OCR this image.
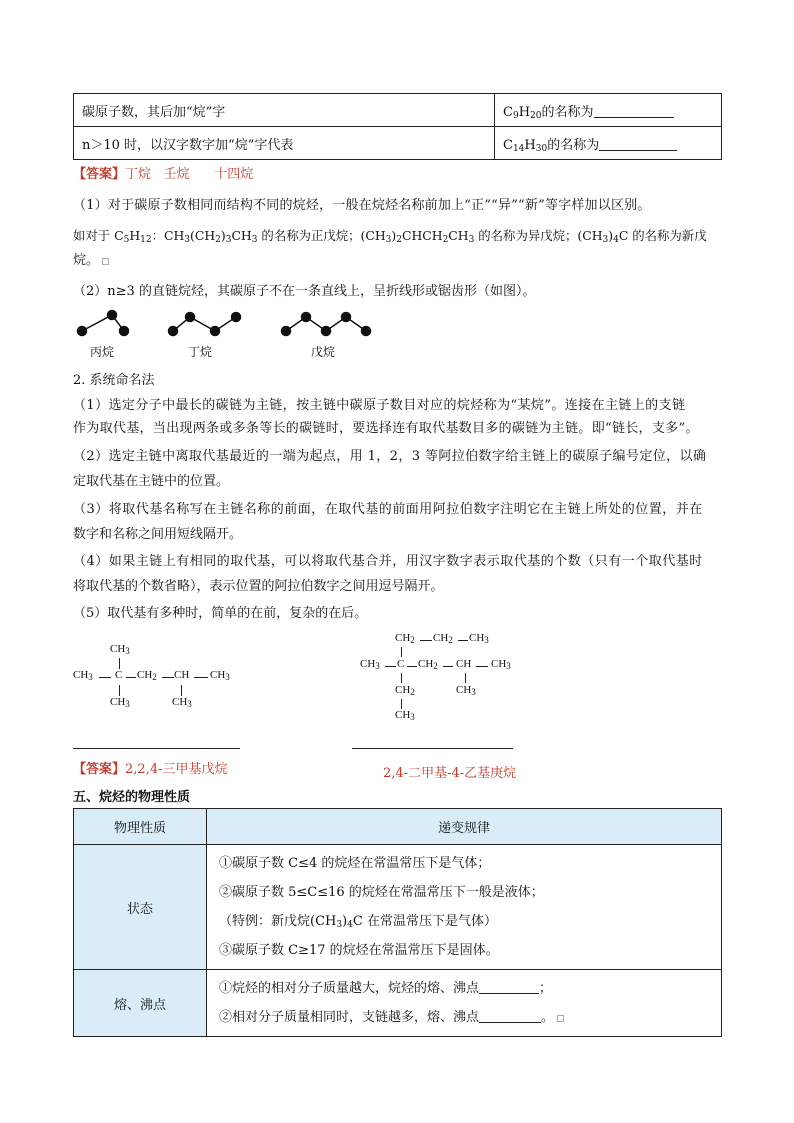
碳原子数，其后加“烷”字	$C_9H_{20}$的名称为
n＞10 时，以汉字数字加“烷”字代表	$C_{14}H_{30}$的名称为
【答案】丁烷 壬烷 十四烷
（1）对于碳原子数相同而结构不同的烷烃，一般在烷烃名称前加上“正”“异”“新”等字样加以区别。
如对于 $C_5H_{12}$：$CH_3(CH_2)_3CH_3$ 的名称为正戊烷；$(CH_3)_2CHCH_2CH_3$ 的名称为异戊烷；$(CH_3)_4C$ 的名称为新戊
烷。
（2）n≥3 的直链烷烃，其碳原子不在一条直线上，呈折线形或锯齿形（如图）。
丙烷	丁烷	戊烷
2. 系统命名法
（1）选定分子中最长的碳链为主链，按主链中碳原子数目对应的烷烃称为“某烷”。连接在主链上的支链
作为取代基，当出现两条或多条等长的碳链时，要选择连有取代基数目多的碳链为主链。即“链长，支多”。
（2）选定主链中离取代基最近的一端为起点，用 1，2，3 等阿拉伯数字给主链上的碳原子编号定位，以确
定取代基在主链中的位置。
（3）将取代基名称写在主链名称的前面，在取代基的前面用阿拉伯数字注明它在主链上所处的位置，并在
数字和名称之间用短线隔开。
（4）如果主链上有相同的取代基，可以将取代基合并，用汉字数字表示取代基的个数（只有一个取代基时
将取代基的个数省略），表示位置的阿拉伯数字之间用逗号隔开。
（5）取代基有多种时，简单的在前，复杂的在后。
$CH_3$
$CH_3$ C $CH_2$ CH $CH_3$
$CH_3$	$CH_3$
$CH_2$ $CH_2$ $CH_3$
$CH_3$ C $CH_2$ CH $CH_3$
$CH_2$	$CH_3$
$CH_3$
【答案】2,2,4-三甲基戊烷	2,4-二甲基-4-乙基庚烷
五、烷烃的物理性质
物理性质	递变规律
状态	①碳原子数 C≤4 的烷烃在常温常压下是气体；
②碳原子数 5≤C≤16 的烷烃在常温常压下一般是液体；
（特例：新戊烷$(CH_3)_4C$ 在常温常压下是气体）
③碳原子数 C≥17 的烷烃在常温常压下是固体。

熔、沸点	①烷烃的相对分子质量越大，烷烃的熔、沸点 ；
②相对分子质量相同时，支链越多，熔、沸点 。
